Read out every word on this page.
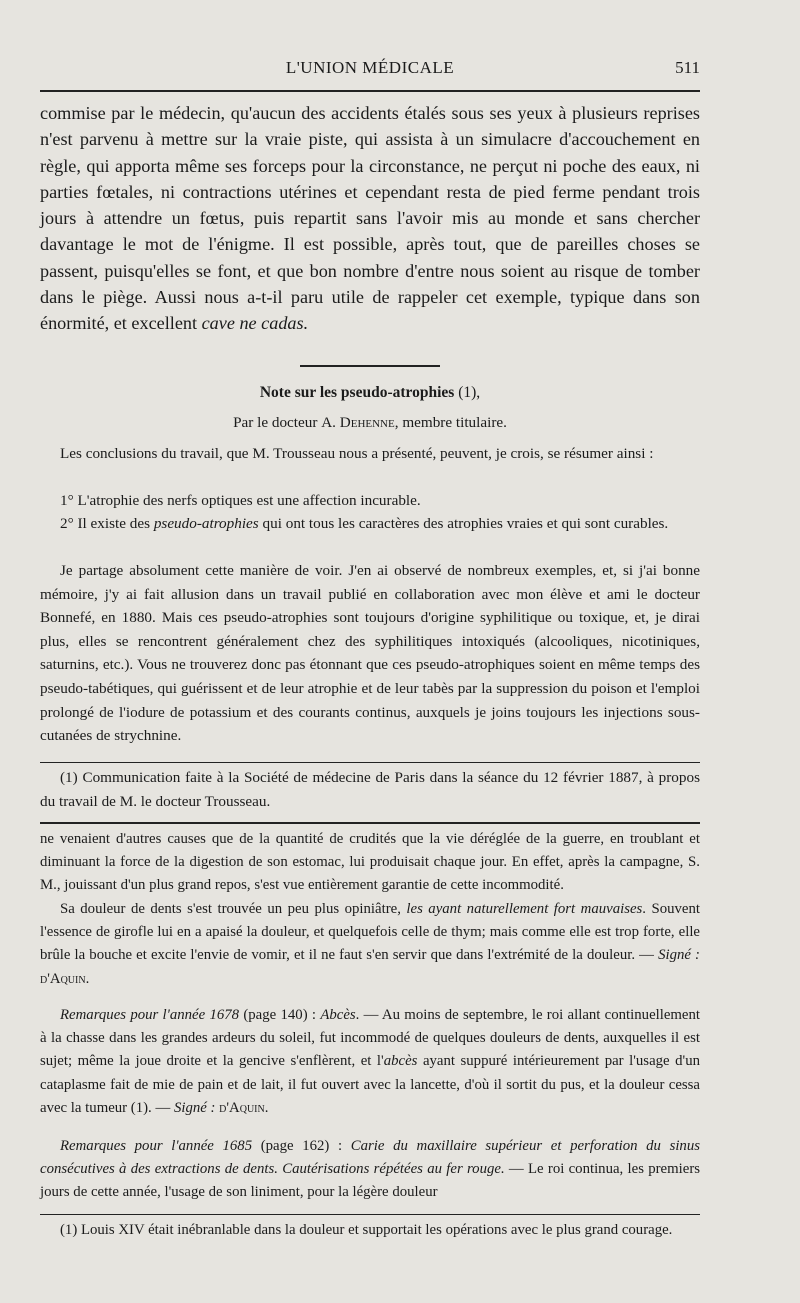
L'UNION MÉDICALE	511

commise par le médecin, qu'aucun des accidents étalés sous ses yeux à plusieurs reprises n'est parvenu à mettre sur la vraie piste, qui assista à un simulacre d'accouchement en règle, qui apporta même ses forceps pour la circonstance, ne perçut ni poche des eaux, ni parties fœtales, ni contractions utérines et cependant resta de pied ferme pendant trois jours à attendre un fœtus, puis repartit sans l'avoir mis au monde et sans chercher davantage le mot de l'énigme. Il est possible, après tout, que de pareilles choses se passent, puisqu'elles se font, et que bon nombre d'entre nous soient au risque de tomber dans le piège. Aussi nous a-t-il paru utile de rappeler cet exemple, typique dans son énormité, et excellent cave ne cadas.

Note sur les pseudo-atrophies (1),
Par le docteur A. Dehenne, membre titulaire.

Les conclusions du travail, que M. Trousseau nous a présenté, peuvent, je crois, se résumer ainsi :

1° L'atrophie des nerfs optiques est une affection incurable.

2° Il existe des pseudo-atrophies qui ont tous les caractères des atrophies vraies et qui sont curables.

Je partage absolument cette manière de voir. J'en ai observé de nombreux exemples, et, si j'ai bonne mémoire, j'y ai fait allusion dans un travail publié en collaboration avec mon élève et ami le docteur Bonnefé, en 1880. Mais ces pseudo-atrophies sont toujours d'origine syphilitique ou toxique, et, je dirai plus, elles se rencontrent généralement chez des syphilitiques intoxiqués (alcooliques, nicotiniques, saturnins, etc.). Vous ne trouverez donc pas étonnant que ces pseudo-atrophiques soient en même temps des pseudo-tabétiques, qui guérissent et de leur atrophie et de leur tabès par la suppression du poison et l'emploi prolongé de l'iodure de potassium et des courants continus, auxquels je joins toujours les injections sous-cutanées de strychnine.

(1) Communication faite à la Société de médecine de Paris dans la séance du 12 février 1887, à propos du travail de M. le docteur Trousseau.

ne venaient d'autres causes que de la quantité de crudités que la vie déréglée de la guerre, en troublant et diminuant la force de la digestion de son estomac, lui produisait chaque jour. En effet, après la campagne, S. M., jouissant d'un plus grand repos, s'est vue entièrement garantie de cette incommodité.

Sa douleur de dents s'est trouvée un peu plus opiniâtre, les ayant naturellement fort mauvaises. Souvent l'essence de girofle lui en a apaisé la douleur, et quelquefois celle de thym; mais comme elle est trop forte, elle brûle la bouche et excite l'envie de vomir, et il ne faut s'en servir que dans l'extrémité de la douleur. — Signé : d'Aquin.

Remarques pour l'année 1678 (page 140) : Abcès. — Au moins de septembre, le roi allant continuellement à la chasse dans les grandes ardeurs du soleil, fut incommodé de quelques douleurs de dents, auxquelles il est sujet; même la joue droite et la gencive s'enflèrent, et l'abcès ayant suppuré intérieurement par l'usage d'un cataplasme fait de mie de pain et de lait, il fut ouvert avec la lancette, d'où il sortit du pus, et la douleur cessa avec la tumeur (1). — Signé : d'Aquin.

Remarques pour l'année 1685 (page 162) : Carie du maxillaire supérieur et perforation du sinus consécutives à des extractions de dents. Cautérisations répétées au fer rouge. — Le roi continua, les premiers jours de cette année, l'usage de son liniment, pour la légère douleur

(1) Louis XIV était inébranlable dans la douleur et supportait les opérations avec le plus grand courage.
